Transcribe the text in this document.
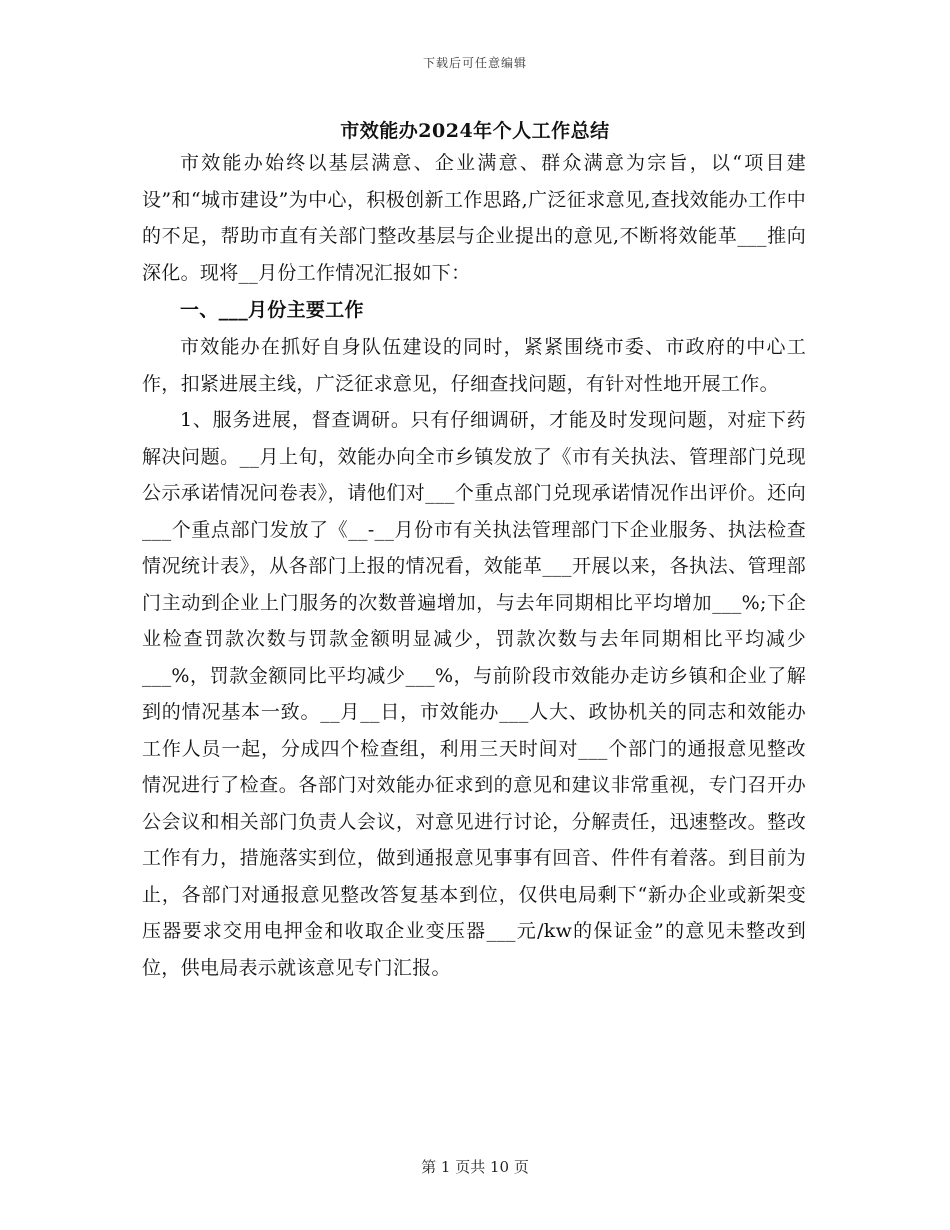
下载后可任意编辑
市效能办2024年个人工作总结

市效能办始终以基层满意、企业满意、群众满意为宗旨，以“项目建设”和“城市建设”为中心，积极创新工作思路,广泛征求意见,查找效能办工作中的不足，帮助市直有关部门整改基层与企业提出的意见,不断将效能革___推向深化。现将__月份工作情况汇报如下：

一、___月份主要工作

市效能办在抓好自身队伍建设的同时，紧紧围绕市委、市政府的中心工作，扣紧进展主线，广泛征求意见，仔细查找问题，有针对性地开展工作。

1、服务进展，督查调研。只有仔细调研，才能及时发现问题，对症下药解决问题。__月上旬，效能办向全市乡镇发放了《市有关执法、管理部门兑现公示承诺情况问卷表》，请他们对___个重点部门兑现承诺情况作出评价。还向___个重点部门发放了《__-__月份市有关执法管理部门下企业服务、执法检查情况统计表》，从各部门上报的情况看，效能革___开展以来，各执法、管理部门主动到企业上门服务的次数普遍增加，与去年同期相比平均增加___%;下企业检查罚款次数与罚款金额明显减少，罚款次数与去年同期相比平均减少___%，罚款金额同比平均减少___%，与前阶段市效能办走访乡镇和企业了解到的情况基本一致。__月__日，市效能办___人大、政协机关的同志和效能办工作人员一起，分成四个检查组，利用三天时间对___个部门的通报意见整改情况进行了检查。各部门对效能办征求到的意见和建议非常重视，专门召开办公会议和相关部门负责人会议，对意见进行讨论，分解责任，迅速整改。整改工作有力，措施落实到位，做到通报意见事事有回音、件件有着落。到目前为止，各部门对通报意见整改答复基本到位，仅供电局剩下“新办企业或新架变压器要求交用电押金和收取企业变压器___元/kw的保证金”的意见未整改到位，供电局表示就该意见专门汇报。

第 1 页共 10 页
